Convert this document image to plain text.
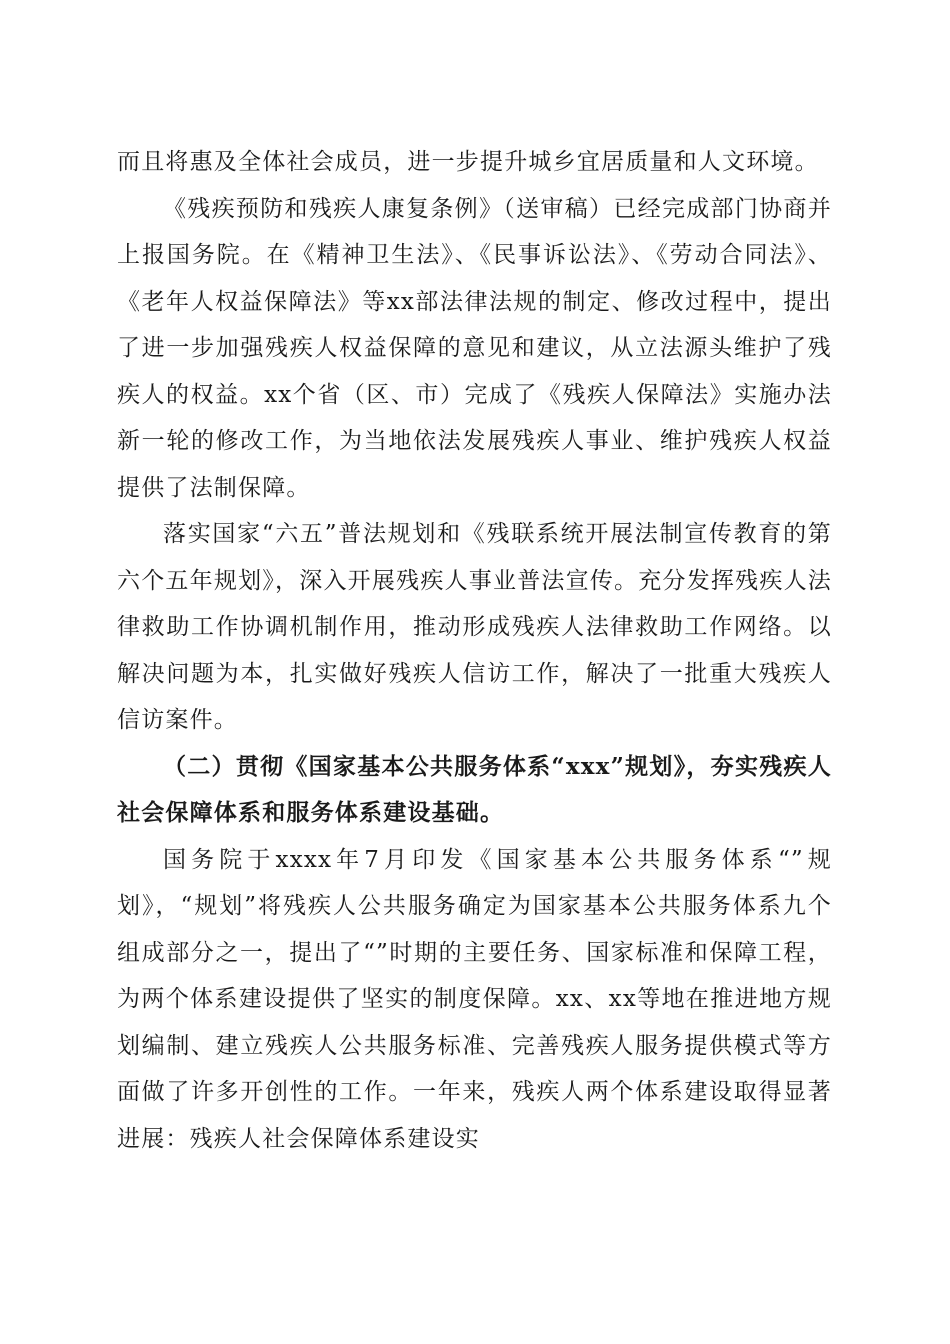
而且将惠及全体社会成员，进一步提升城乡宜居质量和人文环境。

《残疾预防和残疾人康复条例》（送审稿）已经完成部门协商并上报国务院。在《精神卫生法》、《民事诉讼法》、《劳动合同法》、《老年人权益保障法》等xx部法律法规的制定、修改过程中，提出了进一步加强残疾人权益保障的意见和建议，从立法源头维护了残疾人的权益。xx个省（区、市）完成了《残疾人保障法》实施办法新一轮的修改工作，为当地依法发展残疾人事业、维护残疾人权益提供了法制保障。

落实国家“六五”普法规划和《残联系统开展法制宣传教育的第六个五年规划》，深入开展残疾人事业普法宣传。充分发挥残疾人法律救助工作协调机制作用，推动形成残疾人法律救助工作网络。以解决问题为本，扎实做好残疾人信访工作，解决了一批重大残疾人信访案件。

（二）贯彻《国家基本公共服务体系“xxx”规划》，夯实残疾人社会保障体系和服务体系建设基础。

国务院于xxxx年7月印发《国家基本公共服务体系“”规划》，“规划”将残疾人公共服务确定为国家基本公共服务体系九个组成部分之一，提出了“”时期的主要任务、国家标准和保障工程，为两个体系建设提供了坚实的制度保障。xx、xx等地在推进地方规划编制、建立残疾人公共服务标准、完善残疾人服务提供模式等方面做了许多开创性的工作。一年来，残疾人两个体系建设取得显著进展：残疾人社会保障体系建设实
